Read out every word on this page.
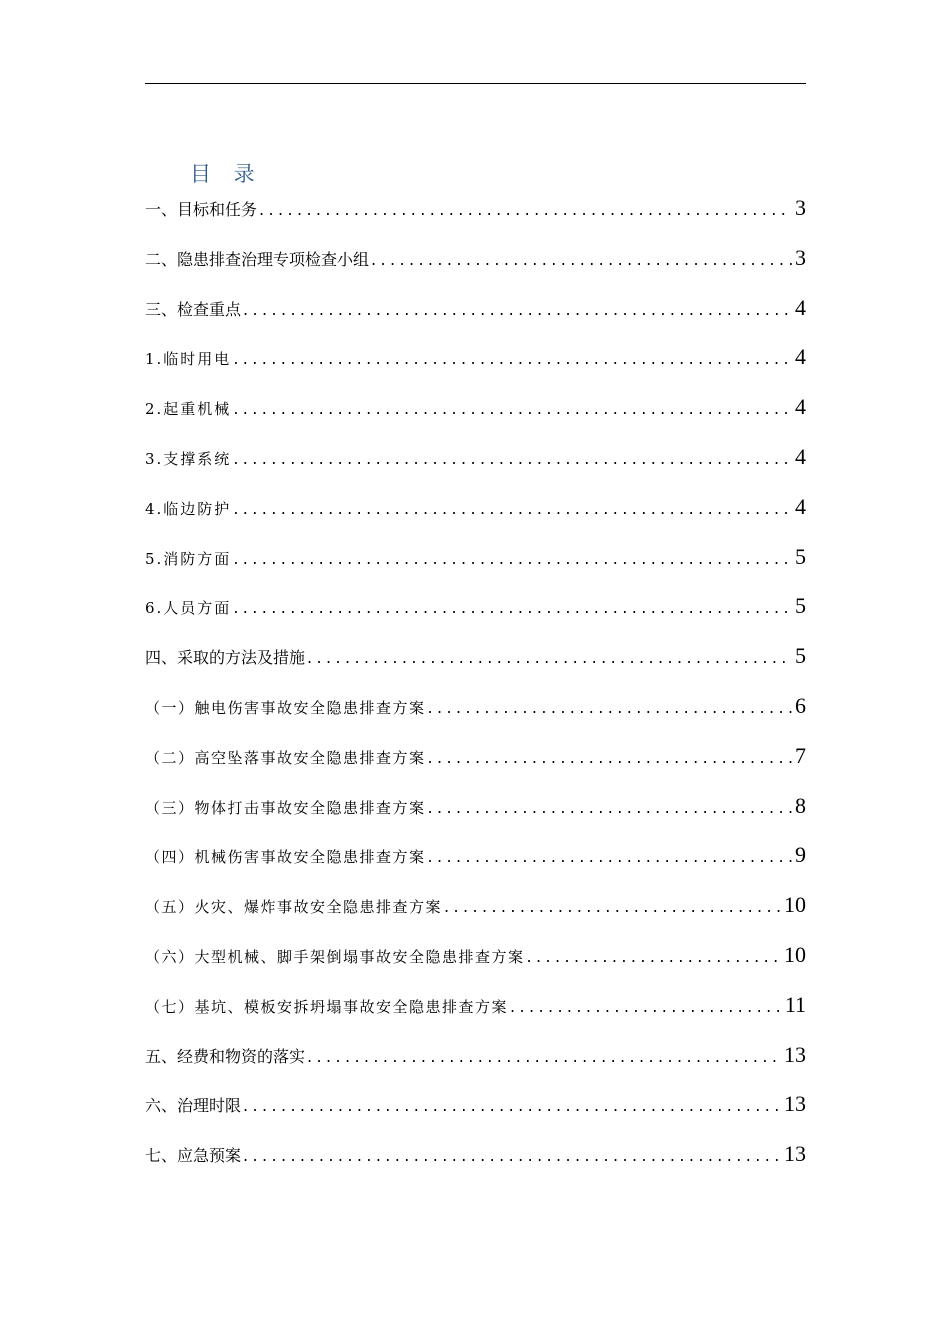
目 录
一、目标和任务 .....	3
二、隐患排查治理专项检查小组 .....	3
三、检查重点 .....	4
1.临时用电 .....	4
2.起重机械 .....	4
3.支撑系统 .....	4
4.临边防护 .....	4
5.消防方面 .....	5
6.人员方面 .....	5
四、采取的方法及措施 .....	5
（一）触电伤害事故安全隐患排查方案 .....	6
（二）高空坠落事故安全隐患排查方案 .....	7
（三）物体打击事故安全隐患排查方案 .....	8
（四）机械伤害事故安全隐患排查方案 .....	9
（五）火灾、爆炸事故安全隐患排查方案 .....	10
（六）大型机械、脚手架倒塌事故安全隐患排查方案 .....	10
（七）基坑、模板安拆坍塌事故安全隐患排查方案 .....	11
五、经费和物资的落实 .....	13
六、治理时限 .....	13
七、应急预案 .....	13
